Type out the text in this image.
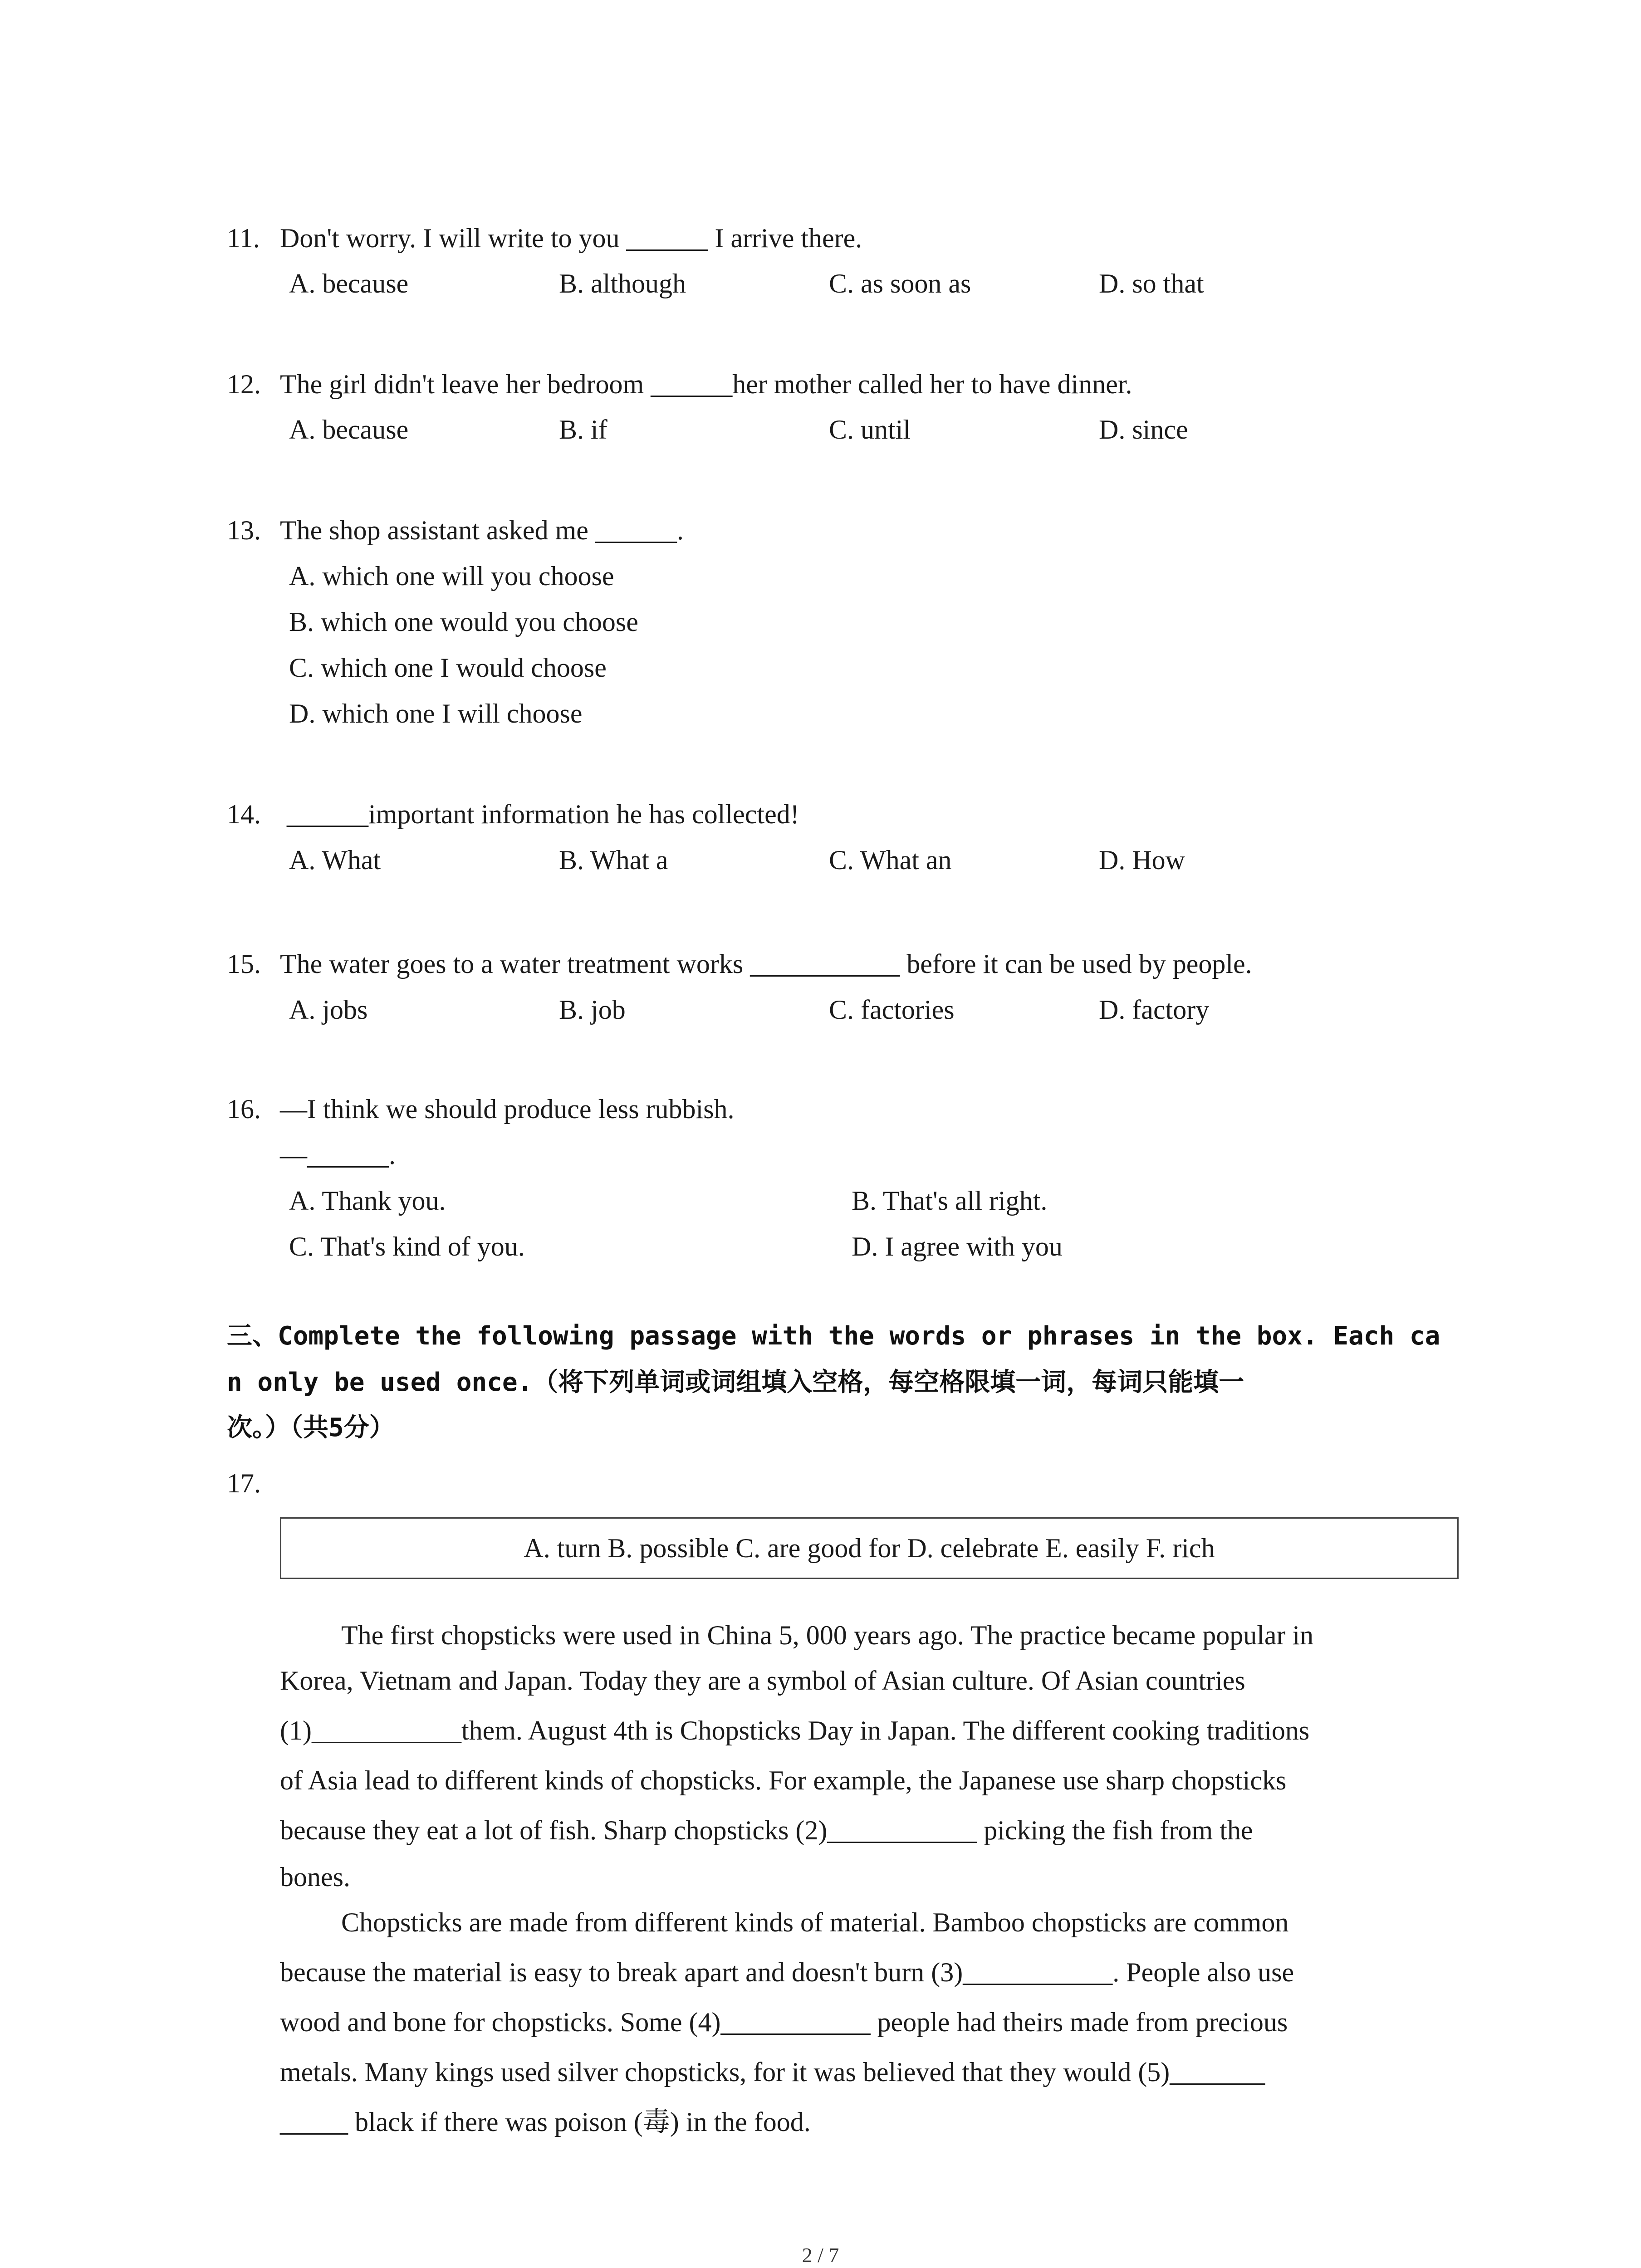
11. Don't worry. I will write to you ______ I arrive there.
A. because	B. although	C. as soon as	D. so that
12. The girl didn't leave her bedroom ______her mother called her to have dinner.
A. because	B. if	C. until	D. since
13. The shop assistant asked me ______.
A. which one will you choose
B. which one would you choose
C. which one I would choose
D. which one I will choose
14. ______important information he has collected!
A. What	B. What a	C. What an	D. How
15. The water goes to a water treatment works ___________ before it can be used by people.
A. jobs	B. job	C. factories	D. factory
16. —I think we should produce less rubbish.
—______.
A. Thank you.	B. That's all right.
C. That's kind of you.	D. I agree with you
三、Complete the following passage with the words or phrases in the box. Each ca
n only be used once.（将下列单词或词组填入空格，每空格限填一词，每词只能填一
次。）（共5分）
17.
A. turn B. possible C. are good for D. celebrate E. easily F. rich
The first chopsticks were used in China 5, 000 years ago. The practice became popular in
Korea, Vietnam and Japan. Today they are a symbol of Asian culture. Of Asian countries
(1)___________them. August 4th is Chopsticks Day in Japan. The different cooking traditions
of Asia lead to different kinds of chopsticks. For example, the Japanese use sharp chopsticks
because they eat a lot of fish. Sharp chopsticks (2)___________ picking the fish from the
bones.
Chopsticks are made from different kinds of material. Bamboo chopsticks are common
because the material is easy to break apart and doesn't burn (3)___________. People also use
wood and bone for chopsticks. Some (4)___________ people had theirs made from precious
metals. Many kings used silver chopsticks, for it was believed that they would (5)_______
_____ black if there was poison (毒) in the food.
2 / 7
